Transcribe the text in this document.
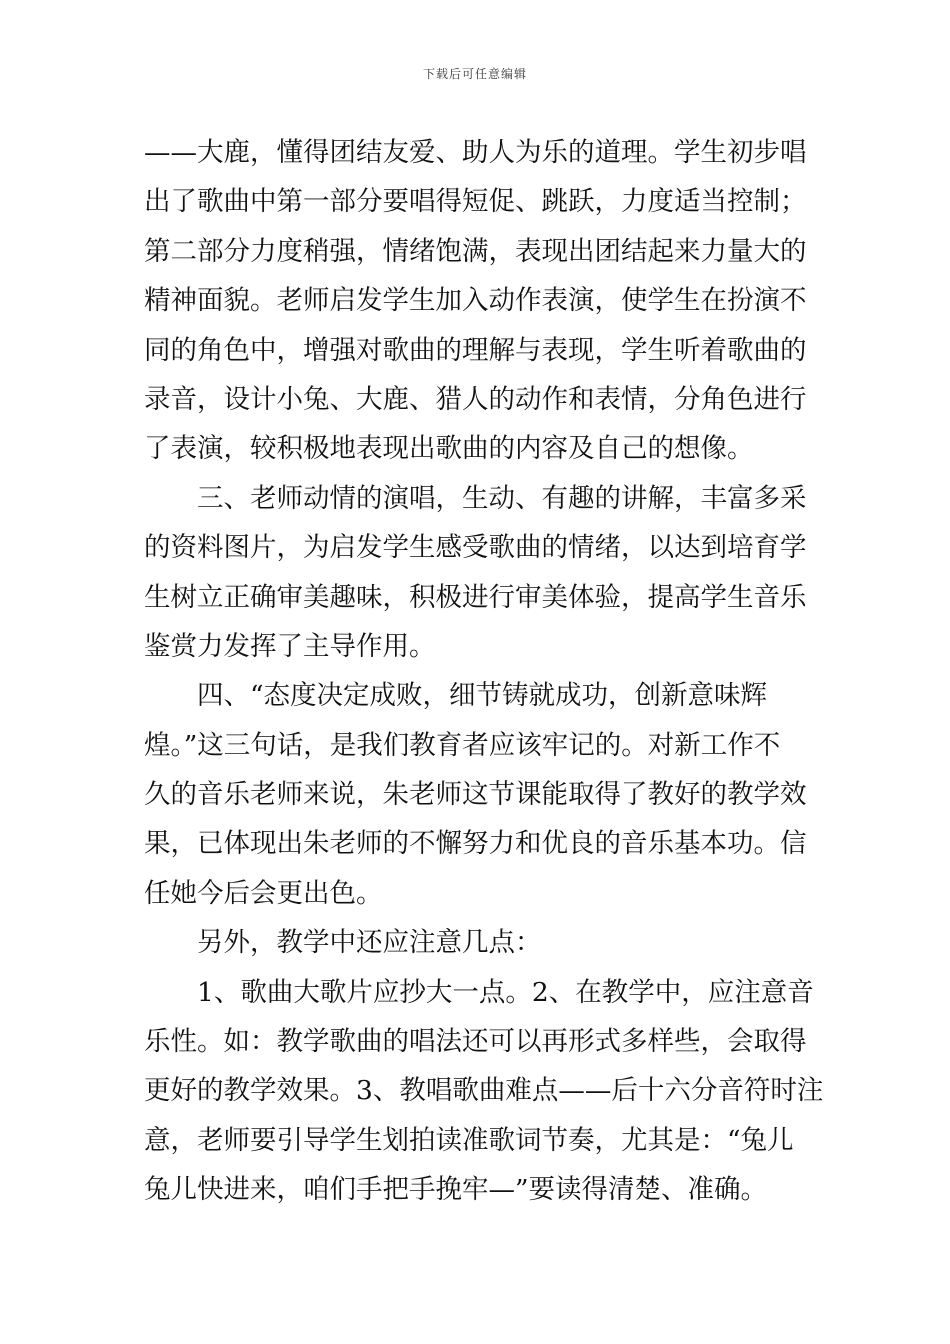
下载后可任意编辑
——大鹿，懂得团结友爱、助人为乐的道理。学生初步唱
出了歌曲中第一部分要唱得短促、跳跃，力度适当控制；
第二部分力度稍强，情绪饱满，表现出团结起来力量大的
精神面貌。老师启发学生加入动作表演，使学生在扮演不
同的角色中，增强对歌曲的理解与表现，学生听着歌曲的
录音，设计小兔、大鹿、猎人的动作和表情，分角色进行
了表演，较积极地表现出歌曲的内容及自己的想像。
　　三、老师动情的演唱，生动、有趣的讲解，丰富多采
的资料图片，为启发学生感受歌曲的情绪，以达到培育学
生树立正确审美趣味，积极进行审美体验，提高学生音乐
鉴赏力发挥了主导作用。
　　四、“态度决定成败，细节铸就成功，创新意味辉
煌。”这三句话，是我们教育者应该牢记的。对新工作不
久的音乐老师来说，朱老师这节课能取得了教好的教学效
果，已体现出朱老师的不懈努力和优良的音乐基本功。信
任她今后会更出色。
　　另外，教学中还应注意几点：
　　1、歌曲大歌片应抄大一点。2、在教学中，应注意音
乐性。如：教学歌曲的唱法还可以再形式多样些，会取得
更好的教学效果。3、教唱歌曲难点——后十六分音符时注
意，老师要引导学生划拍读准歌词节奏，尤其是：“兔儿
兔儿快进来，咱们手把手挽牢—”要读得清楚、准确。
